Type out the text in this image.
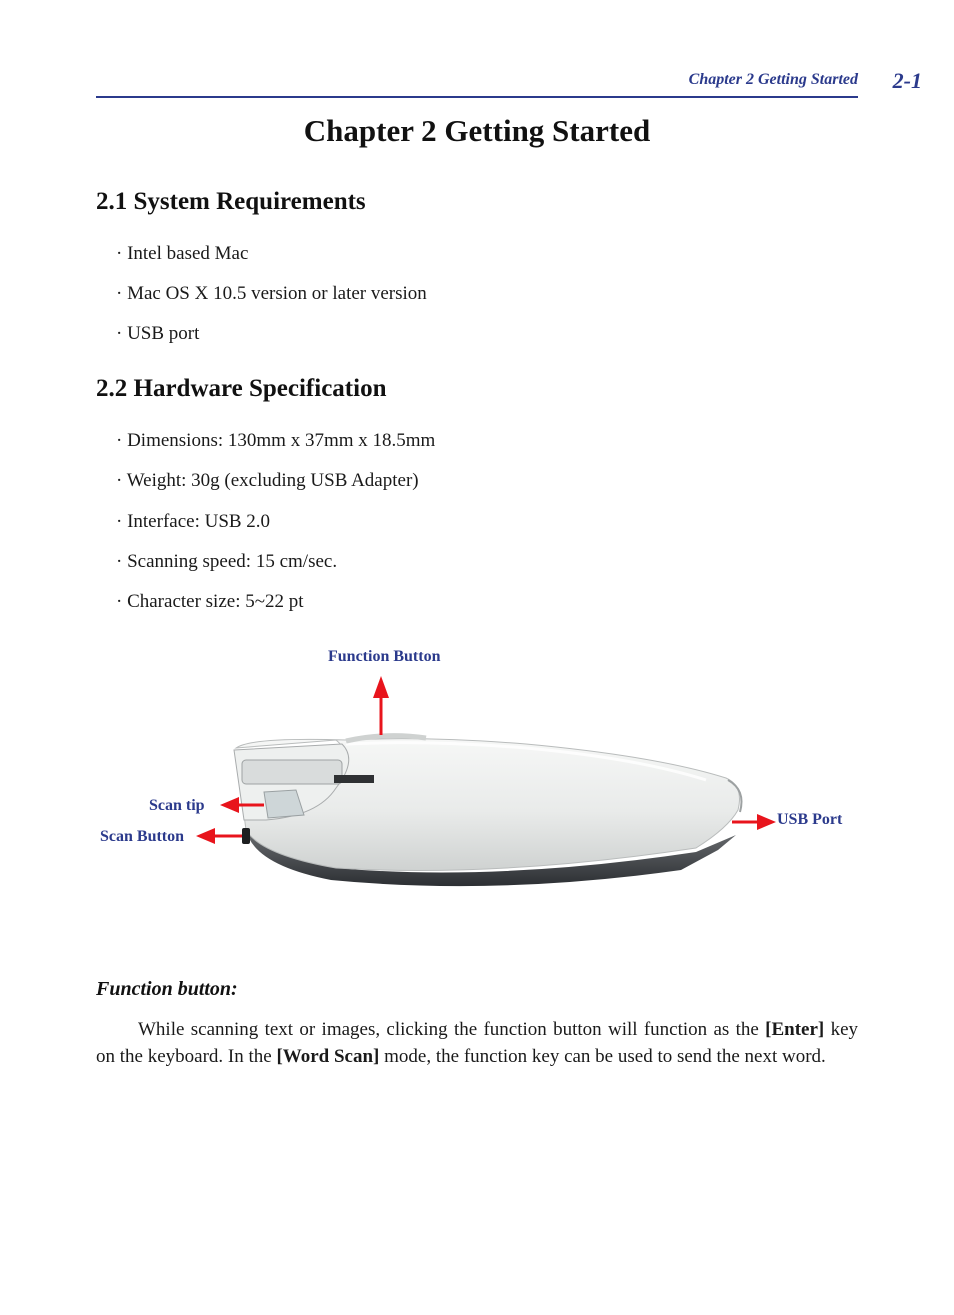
Chapter 2 Getting Started	2-1
Chapter 2 Getting Started
2.1 System Requirements
· Intel based Mac
· Mac OS X 10.5 version or later version
· USB port
2.2 Hardware Specification
· Dimensions: 130mm x 37mm x 18.5mm
· Weight: 30g (excluding USB Adapter)
· Interface: USB 2.0
· Scanning speed: 15 cm/sec.
· Character size: 5~22 pt
Function Button
Scan tip
Scan Button
USB Port
Function button:
While scanning text or images, clicking the function button will function as the [Enter] key on the keyboard. In the [Word Scan] mode, the function key can be used to send the next word.
